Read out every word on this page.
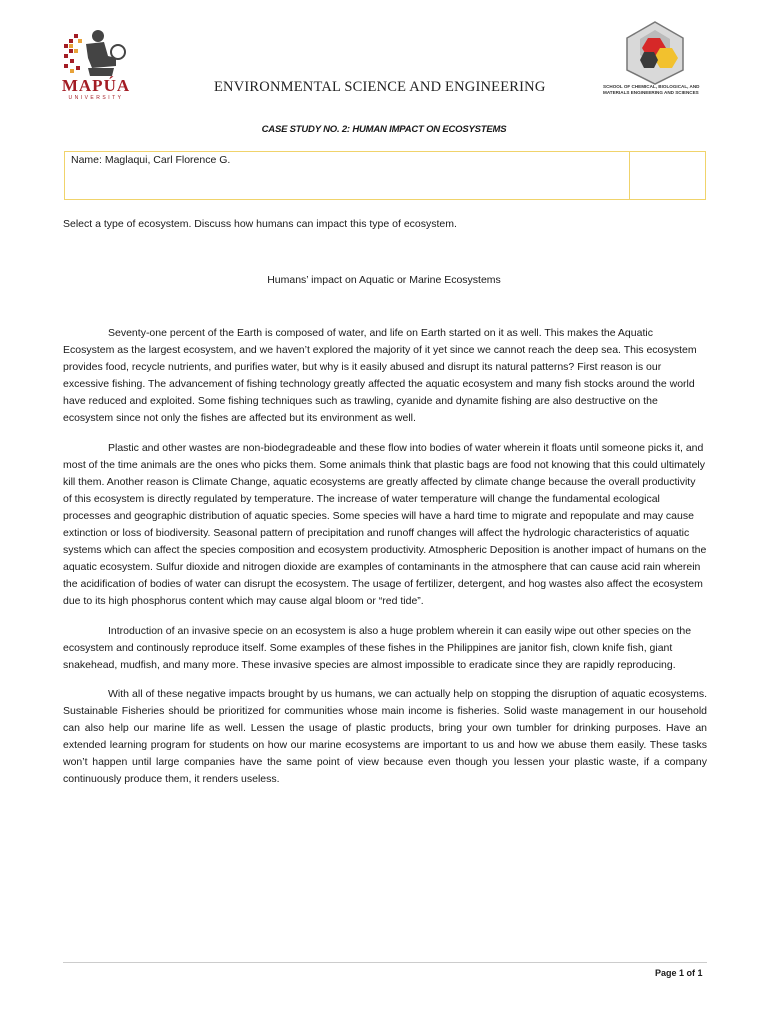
MAPÚA
UNIVERSITY
ENVIRONMENTAL SCIENCE AND ENGINEERING	SCHOOL OF CHEMICAL, BIOLOGICAL, AND MATERIALS ENGINEERING AND SCIENCES
CASE STUDY NO. 2: HUMAN IMPACT ON ECOSYSTEMS
Name: Maglaqui, Carl Florence G.
Select a type of ecosystem. Discuss how humans can impact this type of ecosystem.
Humans’ impact on Aquatic or Marine Ecosystems

Seventy-one percent of the Earth is composed of water, and life on Earth started on it as well. This makes the Aquatic Ecosystem as the largest ecosystem, and we haven’t explored the majority of it yet since we cannot reach the deep sea. This ecosystem provides food, recycle nutrients, and purifies water, but why is it easily abused and disrupt its natural patterns? First reason is our excessive fishing. The advancement of fishing technology greatly affected the aquatic ecosystem and many fish stocks around the world have reduced and exploited. Some fishing techniques such as trawling, cyanide and dynamite fishing are also destructive on the ecosystem since not only the fishes are affected but its environment as well.

Plastic and other wastes are non-biodegradeable and these flow into bodies of water wherein it floats until someone picks it, and most of the time animals are the ones who picks them. Some animals think that plastic bags are food not knowing that this could ultimately kill them. Another reason is Climate Change, aquatic ecosystems are greatly affected by climate change because the overall productivity of this ecosystem is directly regulated by temperature. The increase of water temperature will change the fundamental ecological processes and geographic distribution of aquatic species. Some species will have a hard time to migrate and repopulate and may cause extinction or loss of biodiversity. Seasonal pattern of precipitation and runoff changes will affect the hydrologic characteristics of aquatic systems which can affect the species composition and ecosystem productivity. Atmospheric Deposition is another impact of humans on the aquatic ecosystem. Sulfur dioxide and nitrogen dioxide are examples of contaminants in the atmosphere that can cause acid rain wherein the acidification of bodies of water can disrupt the ecosystem. The usage of fertilizer, detergent, and hog wastes also affect the ecosystem due to its high phosphorus content which may cause algal bloom or “red tide”.

Introduction of an invasive specie on an ecosystem is also a huge problem wherein it can easily wipe out other species on the ecosystem and continously reproduce itself. Some examples of these fishes in the Philippines are janitor fish, clown knife fish, giant snakehead, mudfish, and many more. These invasive species are almost impossible to eradicate since they are rapidly reproducing.

With all of these negative impacts brought by us humans, we can actually help on stopping the disruption of aquatic ecosystems. Sustainable Fisheries should be prioritized for communities whose main income is fisheries. Solid waste management in our household can also help our marine life as well. Lessen the usage of plastic products, bring your own tumbler for drinking purposes. Have an extended learning program for students on how our marine ecosystems are important to us and how we abuse them easily. These tasks won’t happen until large companies have the same point of view because even though you lessen your plastic waste, if a company continuously produce them, it renders useless.

Page 1 of 1
